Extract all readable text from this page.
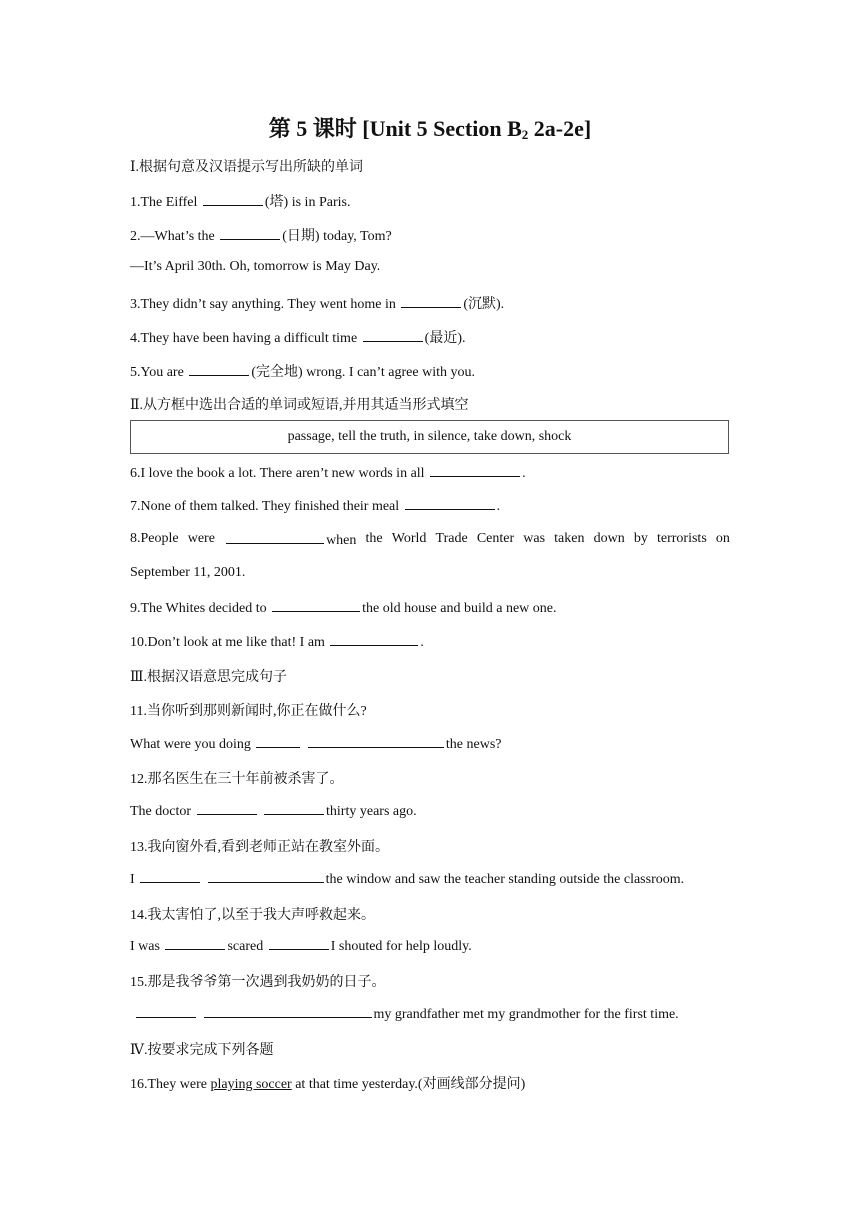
第 5 课时 [Unit 5 Section $B_2$ 2a-2e]
Ⅰ.根据句意及汉语提示写出所缺的单词
1.The Eiffel	(塔) is in Paris.
2.—What’s the	(日期) today, Tom?
—It’s April 30th. Oh, tomorrow is May Day.
3.They didn’t say anything. They went home in	(沉默).
4.They have been having a difficult time	(最近).
5.You are	(完全地) wrong. I can’t agree with you.
Ⅱ.从方框中选出合适的单词或短语,并用其适当形式填空
passage, tell the truth, in silence, take down, shock
6.I love the book a lot. There aren’t new words in all	.
7.None of them talked. They finished their meal	.
8.People were	when the World Trade Center was taken down by terrorists on
September 11, 2001.
9.The Whites decided to	the old house and build a new one.
10.Don’t look at me like that! I am	.
Ⅲ.根据汉语意思完成句子
11.当你听到那则新闻时,你正在做什么?
What were you doing	the news?
12.那名医生在三十年前被杀害了。
The doctor	thirty years ago.
13.我向窗外看,看到老师正站在教室外面。
I	the window and saw the teacher standing outside the classroom.
14.我太害怕了,以至于我大声呼救起来。
I was	scared	I shouted for help loudly.
15.那是我爷爷第一次遇到我奶奶的日子。
my grandfather met my grandmother for the first time.
Ⅳ.按要求完成下列各题
16.They were playing soccer at that time yesterday.(对画线部分提问)
